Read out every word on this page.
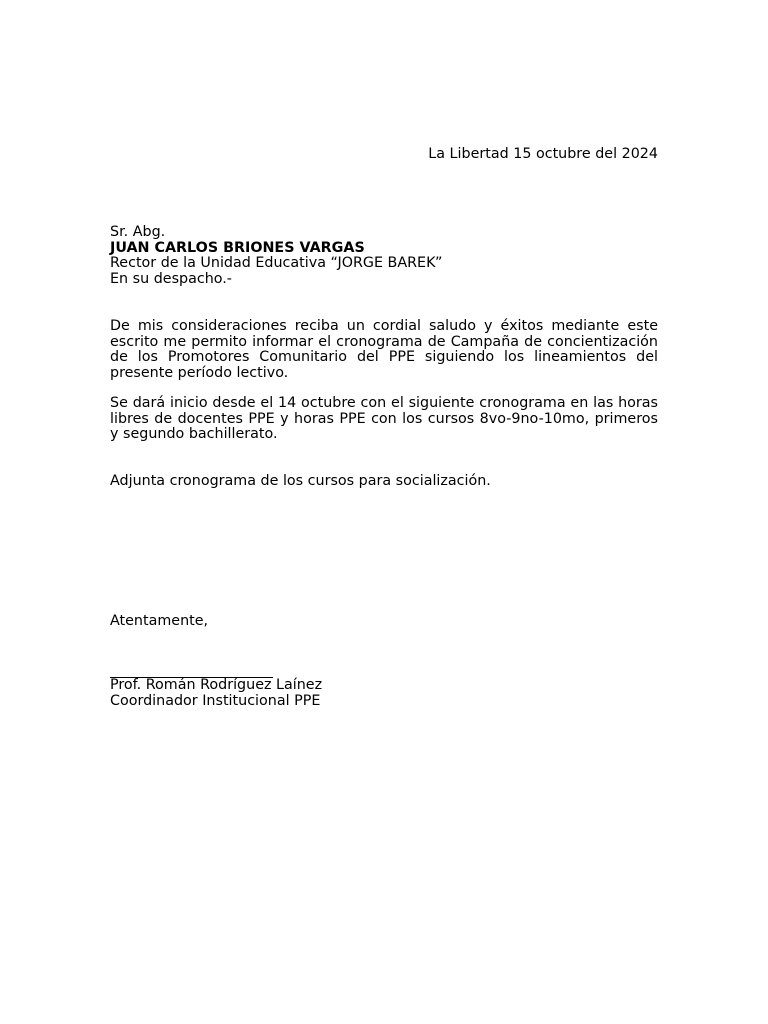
La Libertad 15 octubre del 2024
Sr. Abg.
JUAN CARLOS BRIONES VARGAS
Rector de la Unidad Educativa “JORGE BAREK”
En su despacho.-

De mis consideraciones reciba un cordial saludo y éxitos mediante este escrito me permito informar el cronograma de Campaña de concientización de los Promotores Comunitario del PPE siguiendo los lineamientos del presente período lectivo.

Se dará inicio desde el 14 octubre con el siguiente cronograma en las horas libres de docentes PPE y horas PPE con los cursos 8vo-9no-10mo, primeros y segundo bachillerato.

Adjunta cronograma de los cursos para socialización.

Atentamente,
Prof. Román Rodríguez Laínez
Coordinador Institucional PPE
